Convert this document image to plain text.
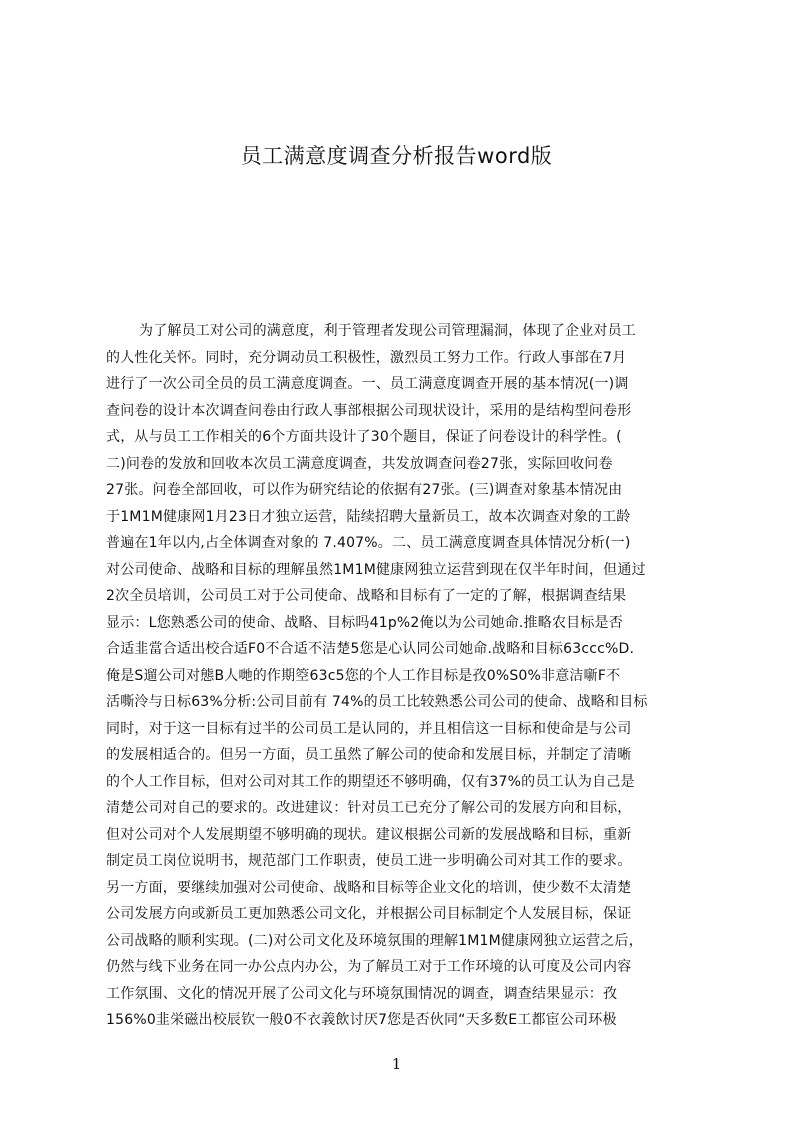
员工满意度调查分析报告word版
为了解员工对公司的满意度，利于管理者发现公司管理漏洞，体现了企业对员工
的人性化关怀。同时，充分调动员工积极性，激烈员工努力工作。行政人事部在7月
进行了一次公司全员的员工满意度调查。一、员工满意度调查开展的基本情况(一)调
查问卷的设计本次调查问卷由行政人事部根据公司现状设计，采用的是结构型问卷形
式，从与员工工作相关的6个方面共设计了30个题目，保证了问卷设计的科学性。(
二)问卷的发放和回收本次员工满意度调查，共发放调查问卷27张，实际回收问卷
27张。问卷全部回收，可以作为研究结论的依据有27张。(三)调查对象基本情况由
于1M1M健康网1月23日才独立运营，陆续招聘大量新员工，故本次调查对象的工龄
普遍在1年以内,占全体调查对象的 7.407%。二、员工满意度调查具体情况分析(一)
对公司使命、战略和目标的理解虽然1M1M健康网独立运营到现在仅半年时间，但通过
2次全员培训，公司员工对于公司使命、战略和目标有了一定的了解，根据调查结果
显示：L您熟悉公司的使命、战略、目标吗41p%2俺以为公司她命.推略农目标是否
合适韭當合适出校合适F0不合适不洁楚5您是心认同公司她命.战略和目标63ccc%D.
俺是S遛公司对態B人哋的作期箜63c5您的个人工作目标是孜0%S0%非意洁噺F不
活嘶泠与日标63%分析:公司目前有 74%的员工比较熟悉公司公司的使命、战略和目标
同时，对于这一目标有过半的公司员工是认同的，并且相信这一目标和使命是与公司
的发展相适合的。但另一方面，员工虽然了解公司的使命和发展目标，并制定了清晰
的个人工作目标，但对公司对其工作的期望还不够明确，仅有37%的员工认为自己是
清楚公司对自己的要求的。改进建议：针对员工已充分了解公司的发展方向和目标，
但对公司对个人发展期望不够明确的现状。建议根据公司新的发展战略和目标，重新
制定员工岗位说明书，规范部门工作职责，使员工进一步明确公司对其工作的要求。
另一方面，要继续加强对公司使命、战略和目标等企业文化的培训，使少数不太清楚
公司发展方向或新员工更加熟悉公司文化，并根据公司目标制定个人发展目标，保证
公司战略的顺利实现。(二)对公司文化及环境氛围的理解1M1M健康网独立运营之后，
仍然与线下业务在同一办公点内办公，为了解员工对于工作环境的认可度及公司内容
工作氛围、文化的情况开展了公司文化与环境氛围情况的调查，调查结果显示：孜
156%0韭栄磁出校辰钦一般0不衣義飲讨厌7您是否伙同“天多数E工都宦公司环极
1
